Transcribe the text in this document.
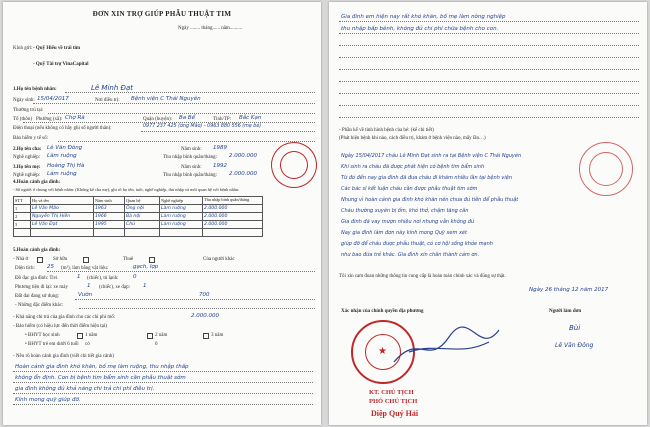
ĐƠN XIN TRỢ GIÚP PHẪU THUẬT TIM
Ngày ........ tháng...... năm..........
Kính gửi: - Quỹ Hiểu về trái tim
- Quỹ Tài trợ VinaCapital
1.Họ tên bệnh nhân:	Lê Minh Đạt
Ngày sinh: 15/04/2017	Nơi điều trị: Bệnh viện C Thái Nguyên
Thường trú tại:
Tổ (thôn) Phường (xã): Chợ Rã	Quận (huyện): Ba Bể	Tỉnh/TP: Bắc Kạn
Điện thoại (nếu không có hãy ghi số người thân):	0977 237 425 (ông Mão) - 0963 880 556 (mẹ bé)
Bảo hiểm y tế số:
2.Họ tên cha: Lê Văn Đông	Năm sinh: 1989
Nghề nghiệp: Làm ruộng	Thu nhập bình quân/tháng: 2.000.000
3.Họ tên mẹ: Hoàng Thị Hà	Năm sinh: 1992
Nghề nghiệp: Làm ruộng	Thu nhập bình quân/tháng: 2.000.000
4.Hoàn cảnh gia đình:
- Số người ở chung với bệnh nhân: (Không kể cha mẹ), ghi rõ họ tên, tuổi, nghề nghiệp, thu nhập và mối quan hệ với bệnh nhân:
STT	Họ và tên	Năm sinh	Quan hệ	Nghề nghiệp	Thu nhập bình quân/tháng
1	Lê Văn Mão	1963	Ông nội	Làm ruộng	2.000.000
2	Nguyễn Thị Hiền	1966	Bà nội	Làm ruộng	2.000.000
3	Lê Văn Đạt	1995	Chú	Làm ruộng	2.000.000

5.Hoàn cảnh gia đình:
- Nhà ở	Sở hữu	Thuê	Của người khác
Diện tích: 25 (m²), làm bằng vật liệu:	gạch, lợp
Đồ đạc gia đình: Tivi	1 (chiếc), tủ lạnh:	0
Phương tiện đi lại: xe máy	1 (chiếc), xe đạp: 1
Đất đai đang sử dụng:	Vườn	700
- Những đặc điểm khác:
- Khả năng chi trả của gia đình cho các chi phí mổ:	2.000.000
- Bảo hiểm (có hiệu lực đến thời điểm hiện tại)
• BHYT học sinh	1 năm	2 năm	3 năm
• BHYT trẻ em dưới 6 tuổi có	0
- Nêu rõ hoàn cảnh gia đình (viết chi tiết gia cảnh)
Hoàn cảnh gia đình khó khăn, bố mẹ làm ruộng, thu nhập thấp
không ổn định. Con bị bệnh tim bẩm sinh cần phẫu thuật sớm
gia đình không đủ khả năng chi trả chi phí điều trị.
Kính mong quỹ giúp đỡ.
Gia đình em hiện nay rất khó khăn, bố mẹ làm nông nghiệp
thu nhập bấp bênh, không đủ chi phí chữa bệnh cho con.
- Phần kể về tình hình bệnh của bé: (kể chi tiết)
(Phát hiện bệnh khi nào, cách điều trị, khám ở bệnh viện nào, mấy lần…)
Ngày 15/04/2017 cháu Lê Minh Đạt sinh ra tại Bệnh viện C Thái Nguyên
Khi sinh ra cháu đã được phát hiện có bệnh tim bẩm sinh
Từ đó đến nay gia đình đã đưa cháu đi khám nhiều lần tại bệnh viện
Các bác sĩ kết luận cháu cần được phẫu thuật tim sớm
Nhưng vì hoàn cảnh gia đình khó khăn nên chưa đủ tiền để phẫu thuật
Cháu thường xuyên bị ốm, khó thở, chậm tăng cân
Gia đình đã vay mượn nhiều nơi nhưng vẫn không đủ
Nay gia đình làm đơn này kính mong Quỹ xem xét
giúp đỡ để cháu được phẫu thuật, có cơ hội sống khỏe mạnh
như bao đứa trẻ khác. Gia đình xin chân thành cảm ơn.
Tôi xin cam đoan những thông tin cung cấp là hoàn toàn chính xác và đúng sự thật.
Ngày 26 tháng 12 năm 2017
Xác nhận của chính quyền địa phương	Người làm đơn
Bùi
Lê Văn Đông
★
KT. CHỦ TỊCH
PHÓ CHỦ TỊCH
Diệp Quý Hải
